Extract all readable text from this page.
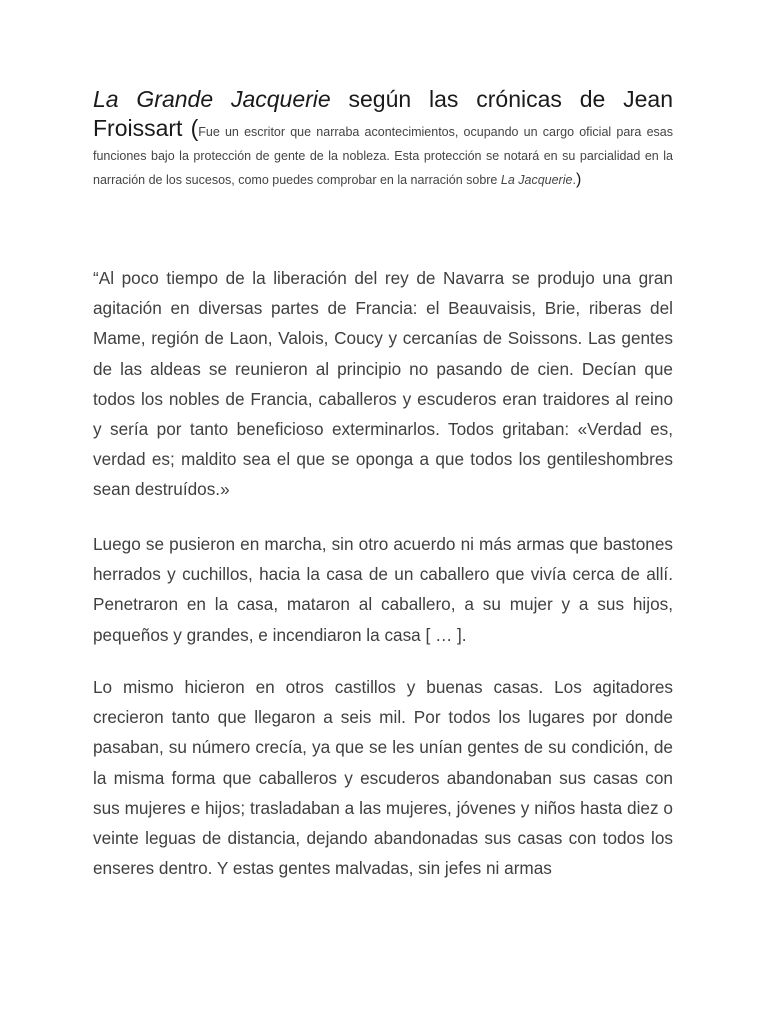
La Grande Jacquerie según las crónicas de Jean

Froissart (Fue un escritor que narraba acontecimientos, ocupando un cargo oficial para esas funciones bajo la protección de gente de la nobleza. Esta protección se notará en su parcialidad en la narración de los sucesos, como puedes comprobar en la narración sobre La Jacquerie.)

“Al poco tiempo de la liberación del rey de Navarra se produjo una gran agitación en diversas partes de Francia: el Beauvaisis, Brie, riberas del Mame, región de Laon, Valois, Coucy y cercanías de Soissons. Las gentes de las aldeas se reunieron al principio no pasando de cien. Decían que todos los nobles de Francia, caballeros y escuderos eran traidores al reino y sería por tanto beneficioso exterminarlos. Todos gritaban: «Verdad es, verdad es; maldito sea el que se oponga a que todos los gentileshombres sean destruídos.»

Luego se pusieron en marcha, sin otro acuerdo ni más armas que bastones herrados y cuchillos, hacia la casa de un caballero que vivía cerca de allí. Penetraron en la casa, mataron al caballero, a su mujer y a sus hijos, pequeños y grandes, e incendiaron la casa [ … ].

Lo mismo hicieron en otros castillos y buenas casas. Los agitadores crecieron tanto que llegaron a seis mil. Por todos los lugares por donde pasaban, su número crecía, ya que se les unían gentes de su condición, de la misma forma que caballeros y escuderos abandonaban sus casas con sus mujeres e hijos; trasladaban a las mujeres, jóvenes y niños hasta diez o veinte leguas de distancia, dejando abandonadas sus casas con todos los enseres dentro. Y estas gentes malvadas, sin jefes ni armas
